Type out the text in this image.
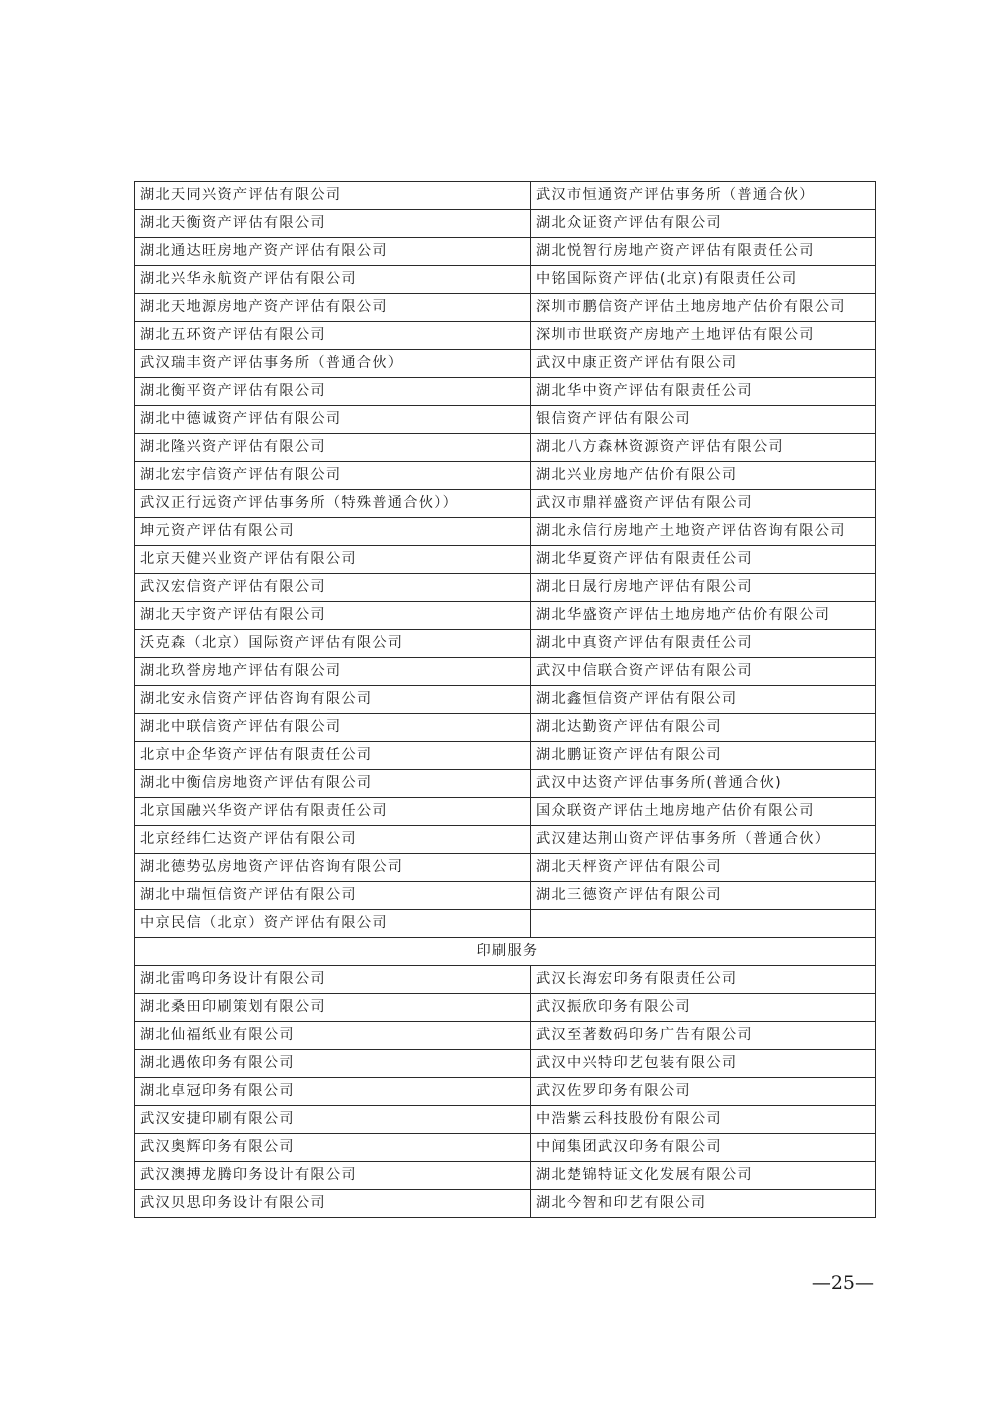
湖北天同兴资产评估有限公司	武汉市恒通资产评估事务所（普通合伙）
湖北天衡资产评估有限公司	湖北众证资产评估有限公司
湖北通达旺房地产资产评估有限公司	湖北悦智行房地产资产评估有限责任公司
湖北兴华永航资产评估有限公司	中铭国际资产评估(北京)有限责任公司
湖北天地源房地产资产评估有限公司	深圳市鹏信资产评估土地房地产估价有限公司
湖北五环资产评估有限公司	深圳市世联资产房地产土地评估有限公司
武汉瑞丰资产评估事务所（普通合伙）	武汉中康正资产评估有限公司
湖北衡平资产评估有限公司	湖北华中资产评估有限责任公司
湖北中德诚资产评估有限公司	银信资产评估有限公司
湖北隆兴资产评估有限公司	湖北八方森林资源资产评估有限公司
湖北宏宇信资产评估有限公司	湖北兴业房地产估价有限公司
武汉正行远资产评估事务所（特殊普通合伙））	武汉市鼎祥盛资产评估有限公司
坤元资产评估有限公司	湖北永信行房地产土地资产评估咨询有限公司
北京天健兴业资产评估有限公司	湖北华夏资产评估有限责任公司
武汉宏信资产评估有限公司	湖北日晟行房地产评估有限公司
湖北天宇资产评估有限公司	湖北华盛资产评估土地房地产估价有限公司
沃克森（北京）国际资产评估有限公司	湖北中真资产评估有限责任公司
湖北玖誉房地产评估有限公司	武汉中信联合资产评估有限公司
湖北安永信资产评估咨询有限公司	湖北鑫恒信资产评估有限公司
湖北中联信资产评估有限公司	湖北达勤资产评估有限公司
北京中企华资产评估有限责任公司	湖北鹏证资产评估有限公司
湖北中衡信房地资产评估有限公司	武汉中达资产评估事务所(普通合伙)
北京国融兴华资产评估有限责任公司	国众联资产评估土地房地产估价有限公司
北京经纬仁达资产评估有限公司	武汉建达荆山资产评估事务所（普通合伙）
湖北德势弘房地资产评估咨询有限公司	湖北天枰资产评估有限公司
湖北中瑞恒信资产评估有限公司	湖北三德资产评估有限公司
中京民信（北京）资产评估有限公司	
印刷服务	
湖北雷鸣印务设计有限公司	武汉长海宏印务有限责任公司
湖北桑田印刷策划有限公司	武汉振欣印务有限公司
湖北仙福纸业有限公司	武汉至著数码印务广告有限公司
湖北遇侬印务有限公司	武汉中兴特印艺包装有限公司
湖北卓冠印务有限公司	武汉佐罗印务有限公司
武汉安捷印刷有限公司	中浩紫云科技股份有限公司
武汉奥辉印务有限公司	中闻集团武汉印务有限公司
武汉澳搏龙腾印务设计有限公司	湖北楚锦特证文化发展有限公司
武汉贝思印务设计有限公司	湖北今智和印艺有限公司
—25—
